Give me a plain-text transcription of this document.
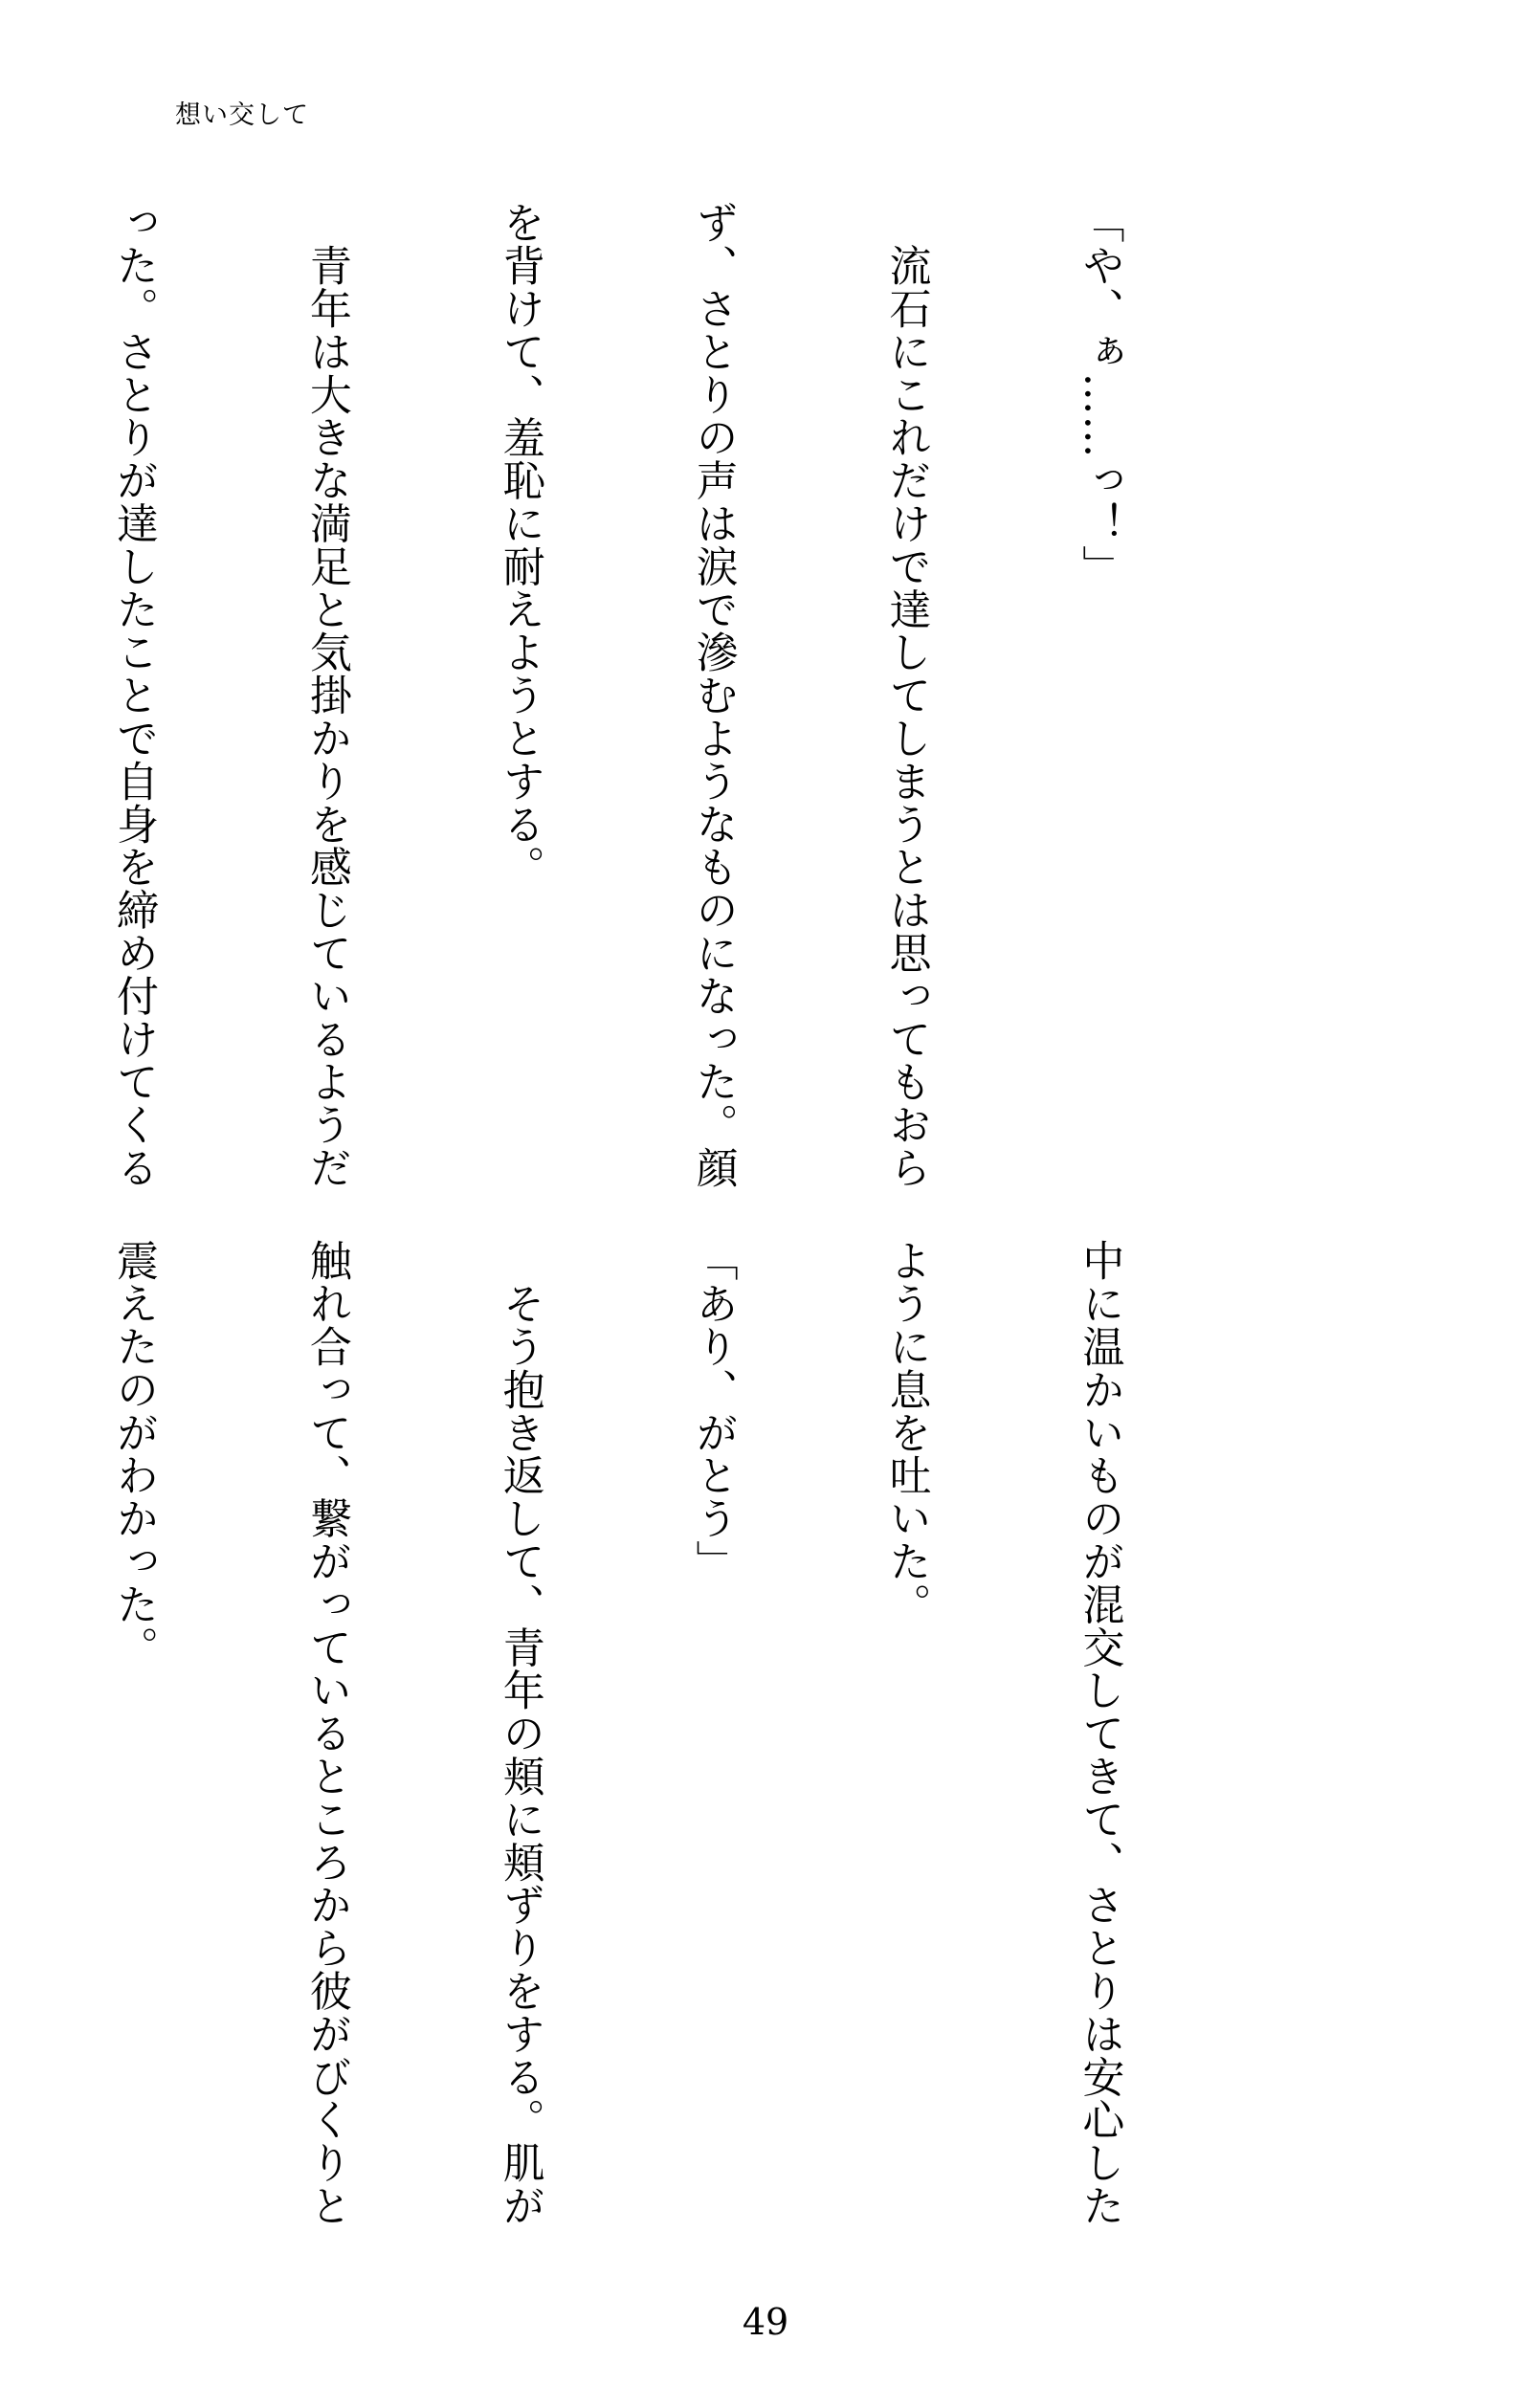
想い交して

「や、ぁ……っ！」

　流石にこれだけで達してしまうとは思ってもおら

ず、さとりの声は涙で滲むようなものになった。顔

を背けて、羞恥に耐えようとする。

　青年は大きな満足と気掛かりを感じているようだ

った。さとりが達したことで自身を締め付けてくる

中に温かいものが混交してきて、さとりは安心した

ように息を吐いた。

「あり、がとう」

　そう抱き返して、青年の頬に頬ずりをする。肌が

触れ合って、繋がっているところから彼がびくりと

震えたのがわかった。

49
